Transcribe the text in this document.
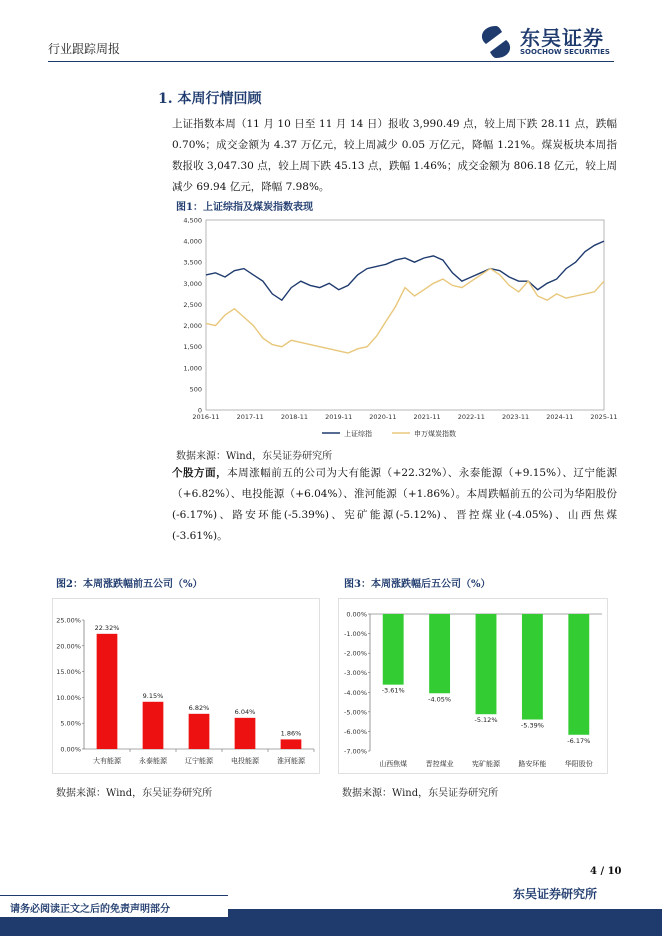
行业跟踪周报	东吴证券
SOOCHOW SECURITIES
1. 本周行情回顾
上证指数本周（11 月 10 日至 11 月 14 日）报收 3,990.49 点，较上周下跌 28.11 点，跌幅 0.70%；成交金额为 4.37 万亿元，较上周减少 0.05 万亿元，降幅 1.21%。煤炭板块本周指数报收 3,047.30 点，较上周下跌 45.13 点，跌幅 1.46%；成交金额为 806.18 亿元，较上周减少 69.94 亿元，降幅 7.98%。
图1：上证综指及煤炭指数表现
0
500
1,000
1,500
2,000
2,500
3,000
3,500
4,000
4,500
2016-11	2017-11	2018-11	2019-11	2020-11	2021-11	2022-11	2023-11	2024-11	2025-11
上证综指	申万煤炭指数
数据来源：Wind，东吴证券研究所
个股方面，本周涨幅前五的公司为大有能源（+22.32%）、永泰能源（+9.15%）、辽宁能源（+6.82%）、电投能源（+6.04%）、淮河能源（+1.86%）。本周跌幅前五的公司为华阳股份(-6.17%)、路安环能(-5.39%)、宪矿能源(-5.12%)、晋控煤业(-4.05%)、山西焦煤(-3.61%)。
图2：本周涨跌幅前五公司（%）
0.00%
5.00%
10.00%
15.00%
20.00%
25.00%
22.32%
大有能源
9.15%
永泰能源
6.82%
辽宁能源
6.04%
电投能源
1.86%
淮河能源
数据来源：Wind，东吴证券研究所
图3：本周涨跌幅后五公司（%）
0.00%
-1.00%
-2.00%
-3.00%
-4.00%
-5.00%
-6.00%
-7.00%
-3.61%
山西焦煤
-4.05%
晋控煤业
-5.12%
宪矿能源
-5.39%
路安环能
-6.17%
华阳股份
数据来源：Wind，东吴证券研究所
4 / 10
东吴证券研究所
请务必阅读正文之后的免责声明部分
